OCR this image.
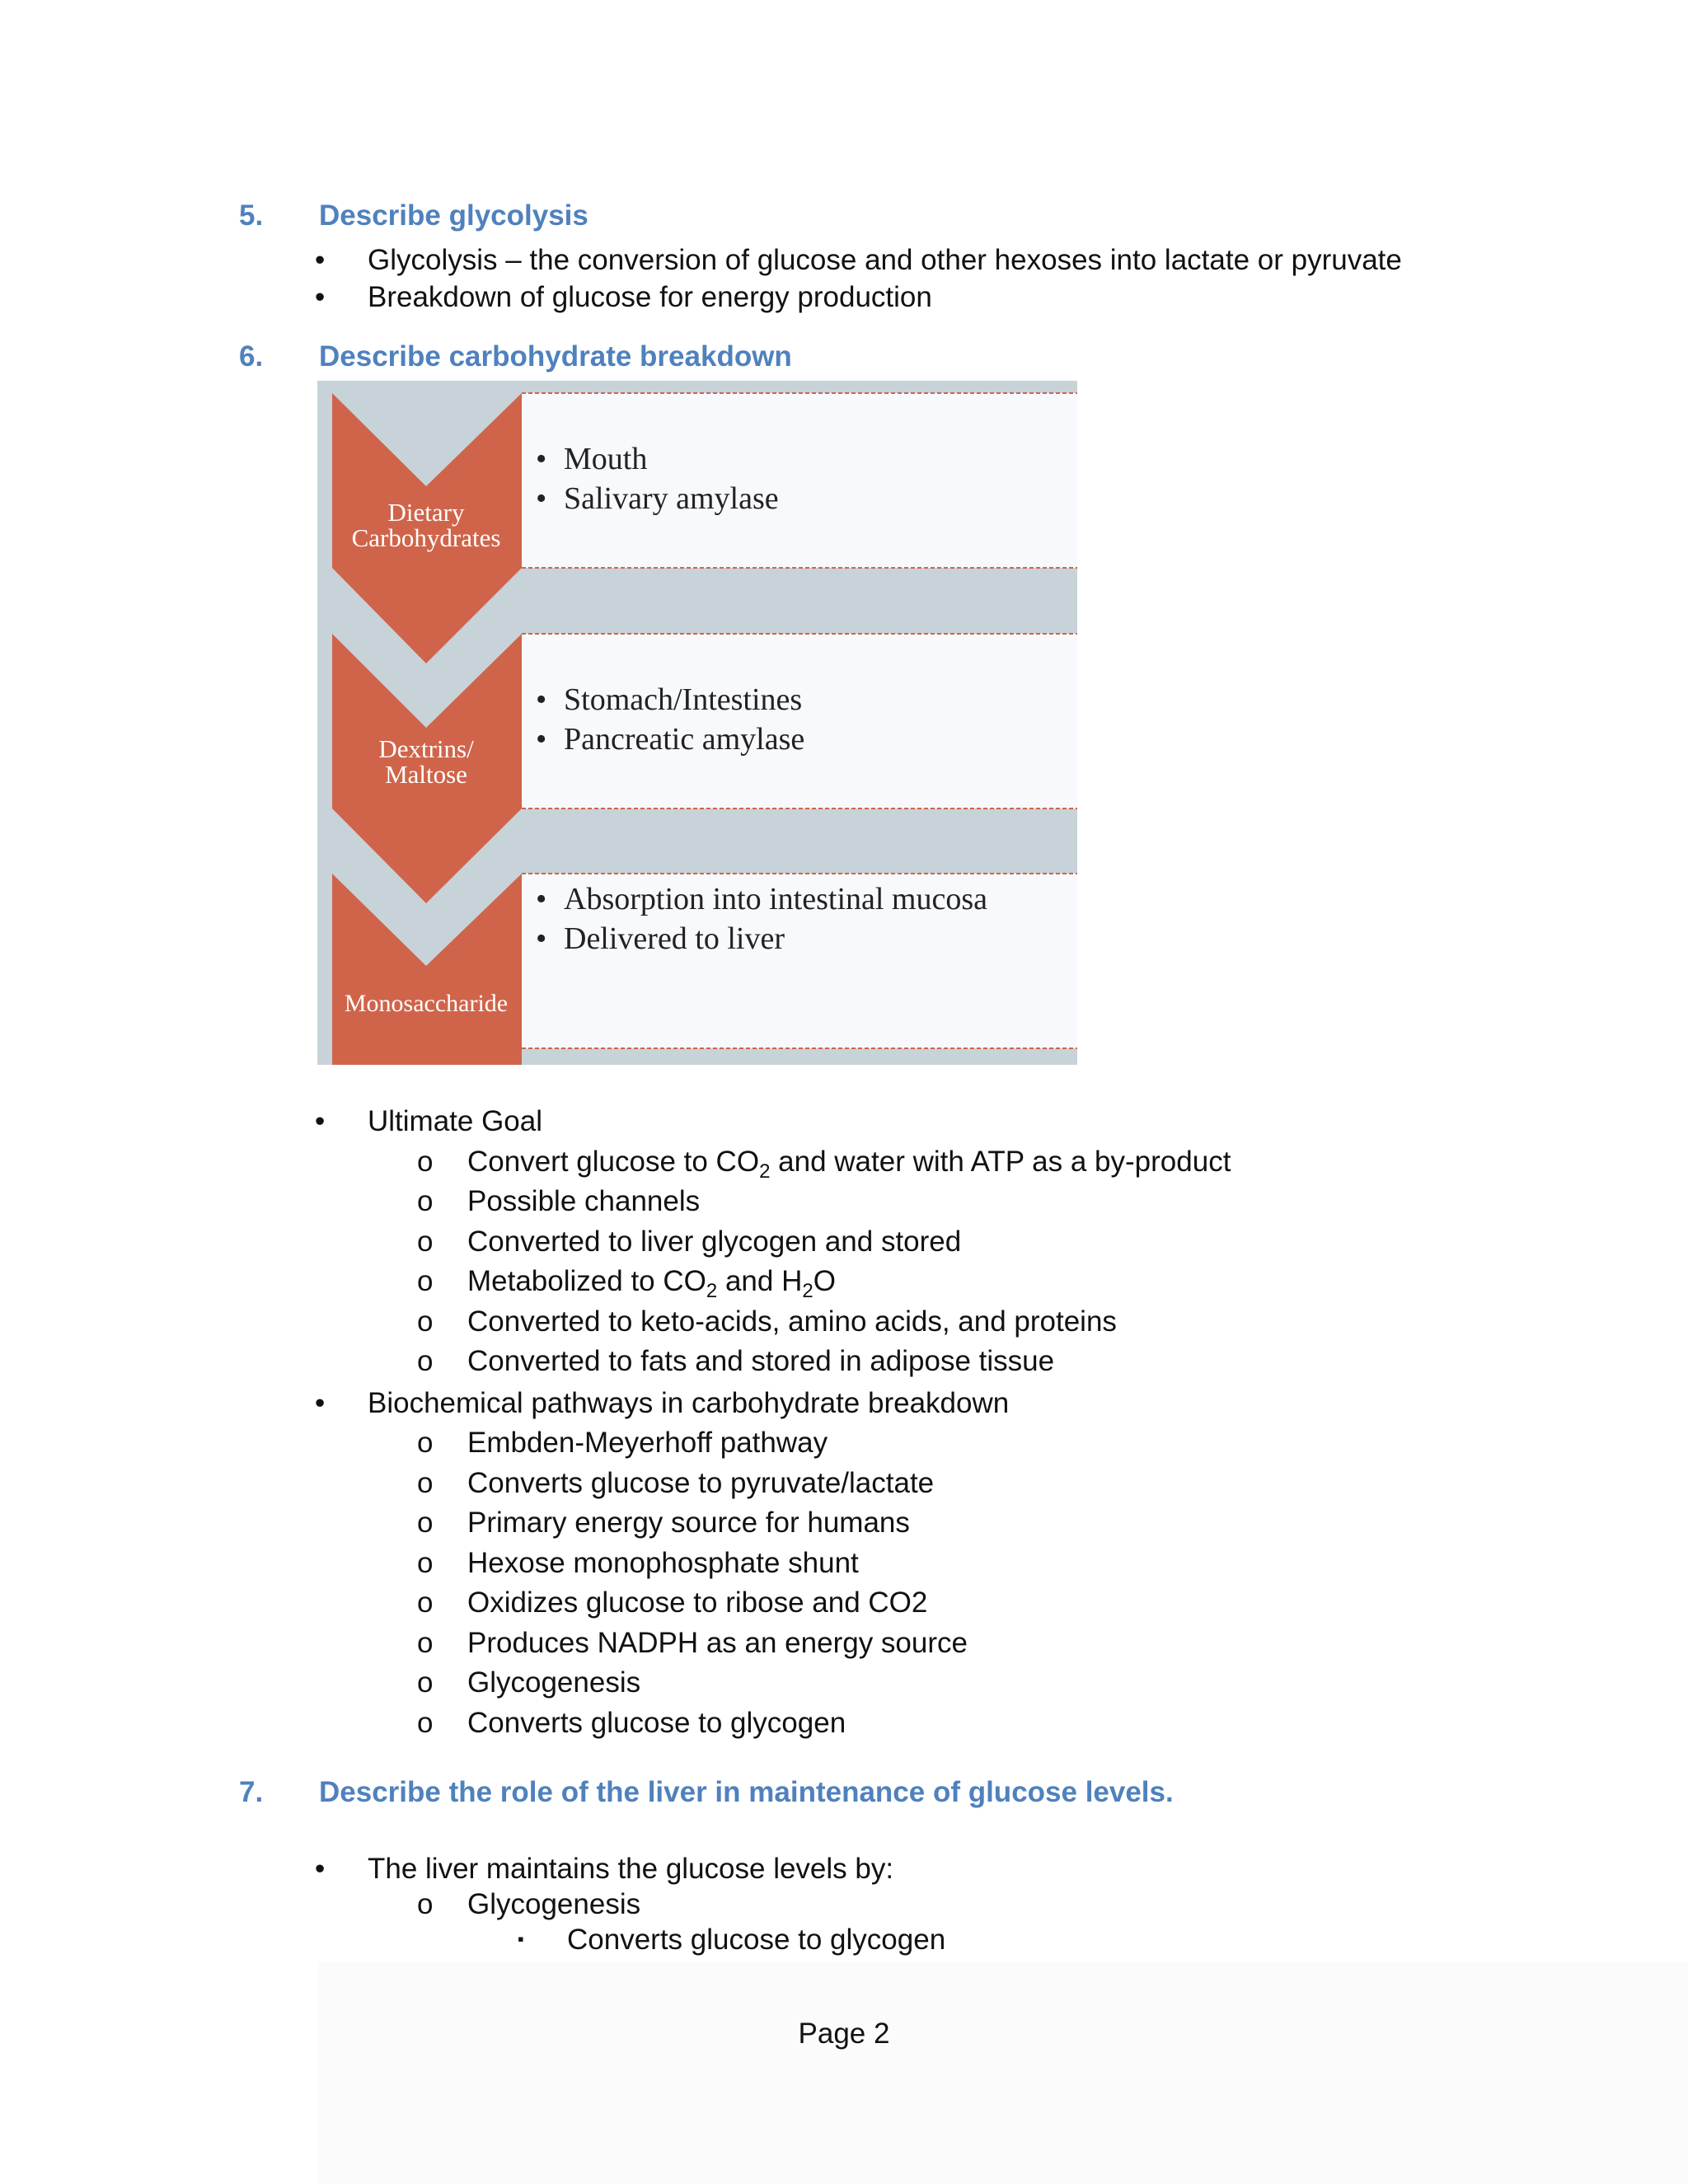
5. Describe glycolysis
• Glycolysis – the conversion of glucose and other hexoses into lactate or pyruvate
• Breakdown of glucose for energy production
6. Describe carbohydrate breakdown
Dietary
Carbohydrates
• Mouth
• Salivary amylase
Dextrins/
Maltose
• Stomach/Intestines
• Pancreatic amylase
Monosaccharide
• Absorption into intestinal mucosa
• Delivered to liver
• Ultimate Goal
o Convert glucose to $CO_2$ and water with ATP as a by-product
o Possible channels
o Converted to liver glycogen and stored
o Metabolized to $CO_2$ and $H_2O$
o Converted to keto-acids, amino acids, and proteins
o Converted to fats and stored in adipose tissue
• Biochemical pathways in carbohydrate breakdown
o Embden-Meyerhoff pathway
o Converts glucose to pyruvate/lactate
o Primary energy source for humans
o Hexose monophosphate shunt
o Oxidizes glucose to ribose and CO2
o Produces NADPH as an energy source
o Glycogenesis
o Converts glucose to glycogen
7. Describe the role of the liver in maintenance of glucose levels.
• The liver maintains the glucose levels by:
o Glycogenesis
▪ Converts glucose to glycogen
Page 2
